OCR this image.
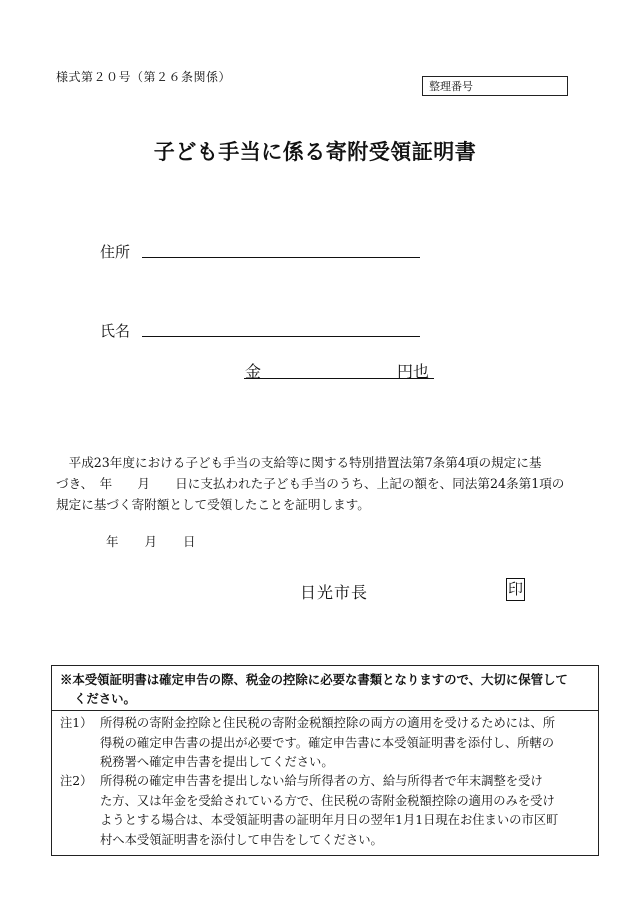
様式第２０号（第２６条関係）
整理番号
子ども手当に係る寄附受領証明書
住所
氏名
金	円也

　平成23年度における子ども手当の支給等に関する特別措置法第7条第4項の規定に基

づき、　年　　月　　日に支払われた子ども手当のうち、上記の額を、同法第24条第1項の

規定に基づく寄附額として受領したことを証明します。

年 月 日
日光市長	印
※本受領証明書は確定申告の際、税金の控除に必要な書類となりますので、大切に保管して
ください。
注1） 所得税の寄附金控除と住民税の寄附金税額控除の両方の適用を受けるためには、所
得税の確定申告書の提出が必要です。確定申告書に本受領証明書を添付し、所轄の
税務署へ確定申告書を提出してください。
注2） 所得税の確定申告書を提出しない給与所得者の方、給与所得者で年末調整を受け
た方、又は年金を受給されている方で、住民税の寄附金税額控除の適用のみを受け
ようとする場合は、本受領証明書の証明年月日の翌年1月1日現在お住まいの市区町
村へ本受領証明書を添付して申告をしてください。
